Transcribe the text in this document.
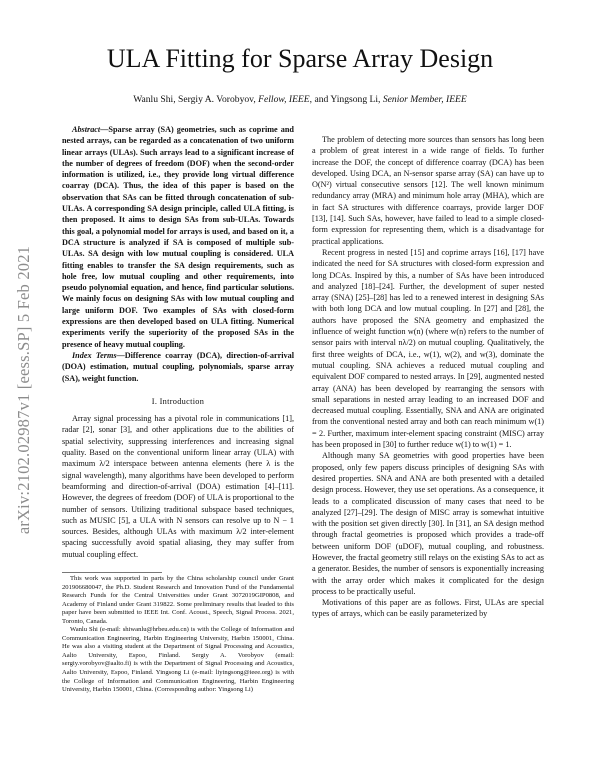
arXiv:2102.02987v1 [eess.SP] 5 Feb 2021
ULA Fitting for Sparse Array Design
Wanlu Shi, Sergiy A. Vorobyov, Fellow, IEEE, and Yingsong Li, Senior Member, IEEE
Abstract—Sparse array (SA) geometries, such as coprime and nested arrays, can be regarded as a concatenation of two uniform linear arrays (ULAs). Such arrays lead to a significant increase of the number of degrees of freedom (DOF) when the second-order information is utilized, i.e., they provide long virtual difference coarray (DCA). Thus, the idea of this paper is based on the observation that SAs can be fitted through concatenation of sub-ULAs. A corresponding SA design principle, called ULA fitting, is then proposed. It aims to design SAs from sub-ULAs. Towards this goal, a polynomial model for arrays is used, and based on it, a DCA structure is analyzed if SA is composed of multiple sub-ULAs. SA design with low mutual coupling is considered. ULA fitting enables to transfer the SA design requirements, such as hole free, low mutual coupling and other requirements, into pseudo polynomial equation, and hence, find particular solutions. We mainly focus on designing SAs with low mutual coupling and large uniform DOF. Two examples of SAs with closed-form expressions are then developed based on ULA fitting. Numerical experiments verify the superiority of the proposed SAs in the presence of heavy mutual coupling.
Index Terms—Difference coarray (DCA), direction-of-arrival (DOA) estimation, mutual coupling, polynomials, sparse array (SA), weight function.
I. Introduction

Array signal processing has a pivotal role in communications [1], radar [2], sonar [3], and other applications due to the abilities of spatial selectivity, suppressing interferences and increasing signal quality. Based on the conventional uniform linear array (ULA) with maximum λ/2 interspace between antenna elements (here λ is the signal wavelength), many algorithms have been developed to perform beamforming and direction-of-arrival (DOA) estimation [4]–[11]. However, the degrees of freedom (DOF) of ULA is proportional to the number of sensors. Utilizing traditional subspace based techniques, such as MUSIC [5], a ULA with N sensors can resolve up to N − 1 sources. Besides, although ULAs with maximum λ/2 inter-element spacing successfully avoid spatial aliasing, they may suffer from mutual coupling effect.

This work was supported in parts by the China scholarship council under Grant 201906680047, the Ph.D. Student Research and Innovation Fund of the Fundamental Research Funds for the Central Universities under Grant 3072019GIP0808, and Academy of Finland under Grant 319822. Some preliminary results that leaded to this paper have been submitted to IEEE Int. Conf. Acoust., Speech, Signal Process. 2021, Toronto, Canada.

Wanlu Shi (e-mail: shiwanlu@hrbeu.edu.cn) is with the College of Information and Communication Engineering, Harbin Engineering University, Harbin 150001, China. He was also a visiting student at the Department of Signal Processing and Acoustics, Aalto University, Espoo, Finland. Sergiy A. Vorobyov (email: sergiy.vorobyov@aalto.fi) is with the Department of Signal Processing and Acoustics, Aalto University, Espoo, Finland. Yingsong Li (e-mail: liyingsong@ieee.org) is with the College of Information and Communication Engineering, Harbin Engineering University, Harbin 150001, China. (Corresponding author: Yingsong Li)

The problem of detecting more sources than sensors has long been a problem of great interest in a wide range of fields. To further increase the DOF, the concept of difference coarray (DCA) has been developed. Using DCA, an N-sensor sparse array (SA) can have up to O(N²) virtual consecutive sensors [12]. The well known minimum redundancy array (MRA) and minimum hole array (MHA), which are in fact SA structures with difference coarrays, provide larger DOF [13], [14]. Such SAs, however, have failed to lead to a simple closed-form expression for representing them, which is a disadvantage for practical applications.

Recent progress in nested [15] and coprime arrays [16], [17] have indicated the need for SA structures with closed-form expression and long DCAs. Inspired by this, a number of SAs have been introduced and analyzed [18]–[24]. Further, the development of super nested array (SNA) [25]–[28] has led to a renewed interest in designing SAs with both long DCA and low mutual coupling. In [27] and [28], the authors have proposed the SNA geometry and emphasized the influence of weight function w(n) (where w(n) refers to the number of sensor pairs with interval nλ/2) on mutual coupling. Qualitatively, the first three weights of DCA, i.e., w(1), w(2), and w(3), dominate the mutual coupling. SNA achieves a reduced mutual coupling and equivalent DOF compared to nested arrays. In [29], augmented nested array (ANA) has been developed by rearranging the sensors with small separations in nested array leading to an increased DOF and decreased mutual coupling. Essentially, SNA and ANA are originated from the conventional nested array and both can reach minimum w(1) = 2. Further, maximum inter-element spacing constraint (MISC) array has been proposed in [30] to further reduce w(1) to w(1) = 1.

Although many SA geometries with good properties have been proposed, only few papers discuss principles of designing SAs with desired properties. SNA and ANA are both presented with a detailed design process. However, they use set operations. As a consequence, it leads to a complicated discussion of many cases that need to be analyzed [27]–[29]. The design of MISC array is somewhat intuitive with the position set given directly [30]. In [31], an SA design method through fractal geometries is proposed which provides a trade-off between uniform DOF (uDOF), mutual coupling, and robustness. However, the fractal geometry still relays on the existing SAs to act as a generator. Besides, the number of sensors is exponentially increasing with the array order which makes it complicated for the design process to be practically useful.

Motivations of this paper are as follows. First, ULAs are special types of arrays, which can be easily parameterized by
